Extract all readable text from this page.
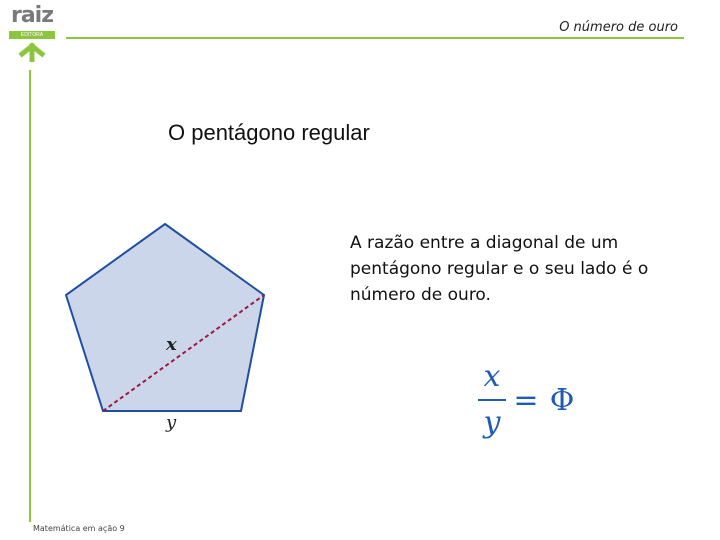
raiz
EDITORA	O número de ouro
O pentágono regular
x
y
A razão entre a diagonal de um pentágono regular e o seu lado é o número de ouro.
x
y
= Φ
Matemática em ação 9
